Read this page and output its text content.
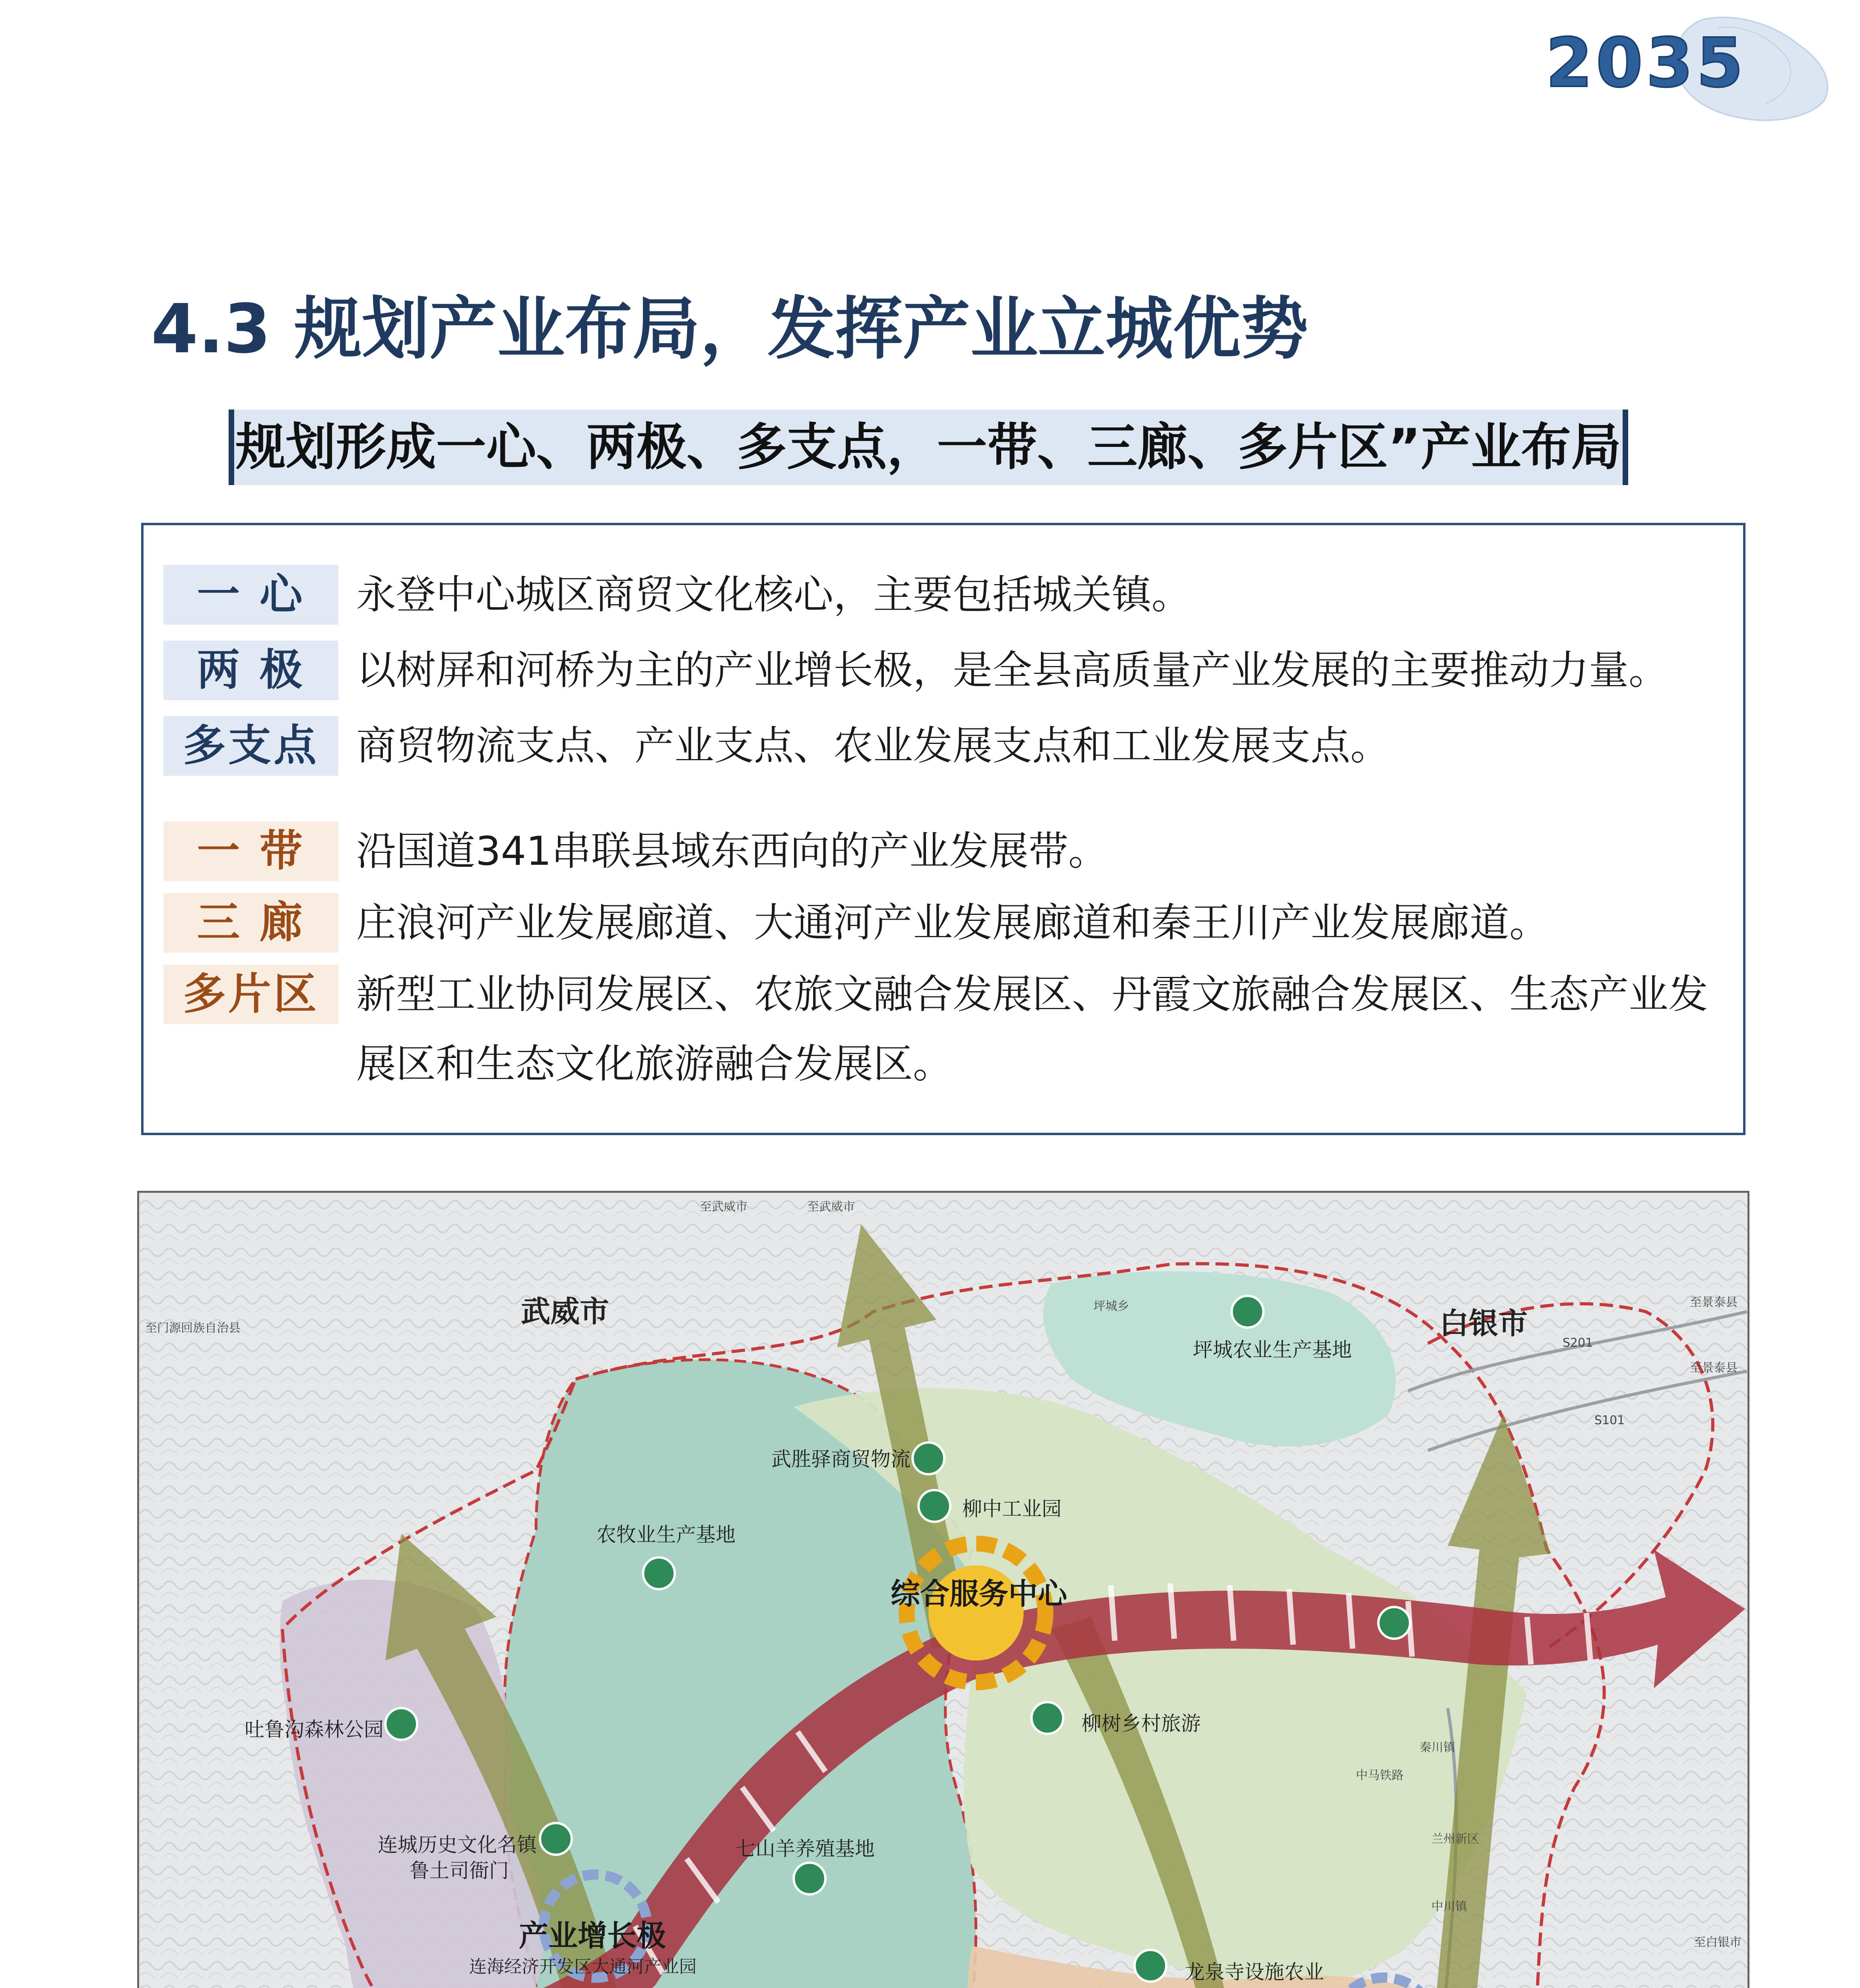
2035
4.3 规划产业布局，发挥产业立城优势
规划形成一心、两极、多支点，一带、三廊、多片区”产业布局
一 心	永登中心城区商贸文化核心，主要包括城关镇。
两 极	以树屏和河桥为主的产业增长极，是全县高质量产业发展的主要推动力量。
多支点 商贸物流支点、产业支点、农业发展支点和工业发展支点。
一 带	沿国道341串联县域东西向的产业发展带。
三 廊	庄浪河产业发展廊道、大通河产业发展廊道和秦王川产业发展廊道。
多片区 新型工业协同发展区、农旅文融合发展区、丹霞文旅融合发展区、生态产业发
展区和生态文化旅游融合发展区。
武威市	白银市
综合服务中心
产业增长极
连海经济开发区大通河产业园
坪城农业生产基地
武胜驿商贸物流
柳中工业园
农牧业生产基地
吐鲁沟森林公园
连城历史文化名镇
鲁土司衙门
七山羊养殖基地
柳树乡村旅游
龙泉寺设施农业
至武威市	至武威市
至门源回族自治县
坪城乡	至景泰县
至景泰县
S201
S101
至白银市
兰州新区
秦川镇
中川镇
中马铁路
